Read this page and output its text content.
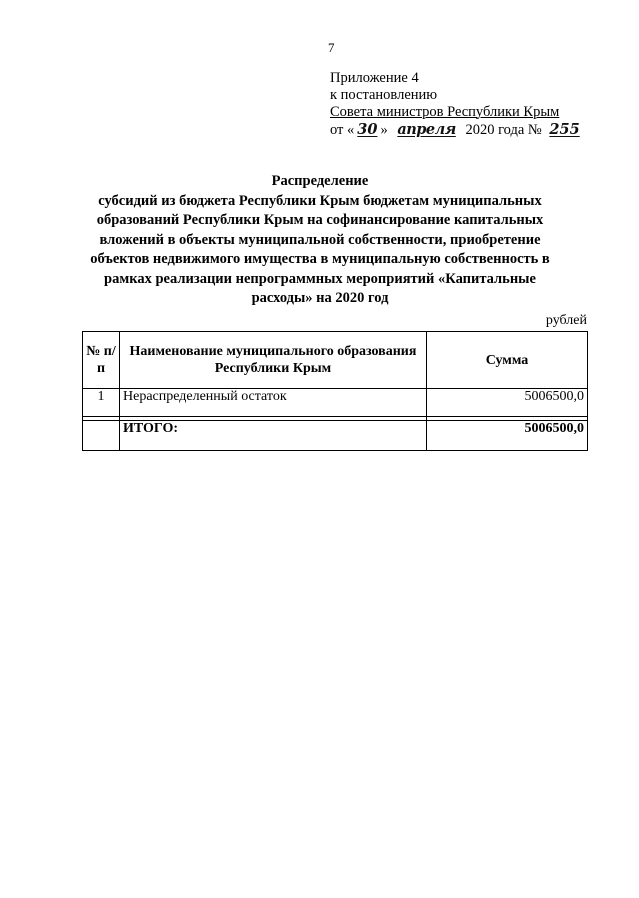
7
Приложение 4
к постановлению
Совета министров Республики Крым
от « 30 » апреля 2020 года № 255
Распределение
субсидий из бюджета Республики Крым бюджетам муниципальных
образований Республики Крым на софинансирование капитальных
вложений в объекты муниципальной собственности, приобретение
объектов недвижимого имущества в муниципальную собственность в
рамках реализации непрограммных мероприятий «Капитальные
расходы» на 2020 год
рублей
№ п/п	Наименование муниципального образования Республики Крым	Сумма
1	Нераспределенный остаток	5006500,0

	ИТОГО:	5006500,0
